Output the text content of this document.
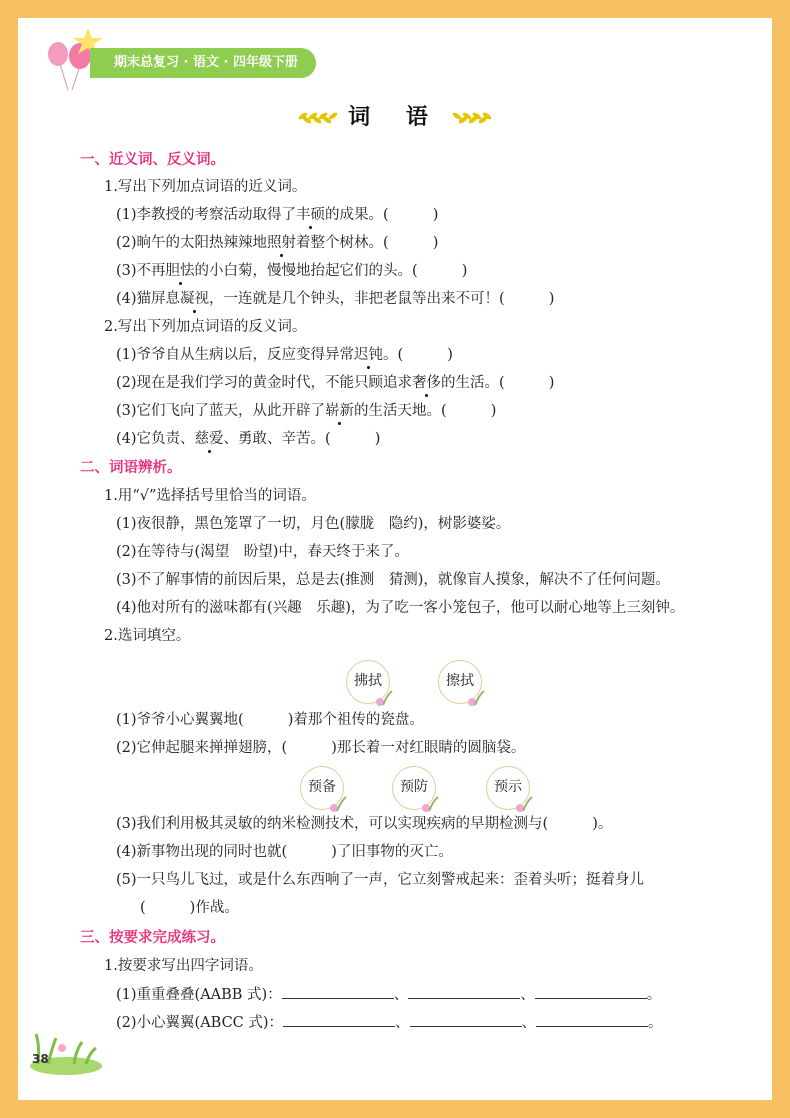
期末总复习 · 语文 · 四年级下册
词 语
一、近义词、反义词。
1.写出下列加点词语的近义词。
(1)李教授的考察活动取得了丰硕的成果。(	)
(2)晌午的太阳热辣辣地照射着整个树林。(	)
(3)不再胆怯的小白菊，慢慢地抬起它们的头。(	)
(4)猫屏息凝视，一连就是几个钟头，非把老鼠等出来不可！(	)
2.写出下列加点词语的反义词。
(1)爷爷自从生病以后，反应变得异常迟钝。(	)
(2)现在是我们学习的黄金时代，不能只顾追求奢侈的生活。(	)
(3)它们飞向了蓝天，从此开辟了崭新的生活天地。(	)
(4)它负责、慈爱、勇敢、辛苦。(	)
二、词语辨析。
1.用“√”选择括号里恰当的词语。
(1)夜很静，黑色笼罩了一切，月色(朦胧　隐约)，树影婆娑。
(2)在等待与(渴望　盼望)中，春天终于来了。
(3)不了解事情的前因后果，总是去(推测　猜测)，就像盲人摸象，解决不了任何问题。
(4)他对所有的滋味都有(兴趣　乐趣)，为了吃一客小笼包子，他可以耐心地等上三刻钟。
2.选词填空。
拂拭	擦拭
(1)爷爷小心翼翼地(	)着那个祖传的瓷盘。
(2)它伸起腿来掸掸翅膀，(	)那长着一对红眼睛的圆脑袋。
预备	预防	预示
(3)我们利用极其灵敏的纳米检测技术，可以实现疾病的早期检测与(	)。
(4)新事物出现的同时也就(	)了旧事物的灭亡。
(5)一只鸟儿飞过，或是什么东西响了一声，它立刻警戒起来：歪着头听；挺着身儿
(	)作战。
三、按要求完成练习。
1.按要求写出四字词语。
(1)重重叠叠(AABB 式)：	、	、	。
(2)小心翼翼(ABCC 式)：	、	、	。
38
